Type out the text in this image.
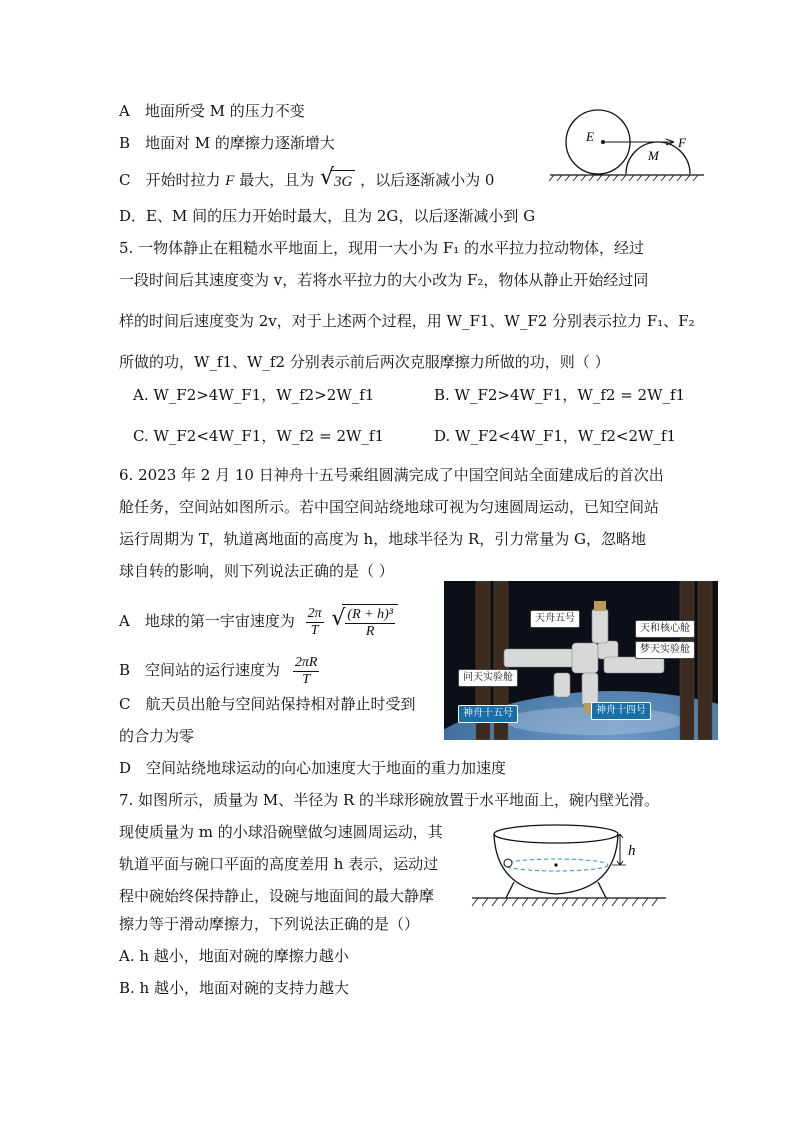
A　地面所受 M 的压力不变
B　地面对 M 的摩擦力逐渐增大
C　开始时拉力 F 最大，且为 √ 3G ，以后逐渐减小为 0
D．E、M 间的压力开始时最大，且为 2G，以后逐渐减小到 G
E
M
F
5. 一物体静止在粗糙水平地面上，现用一大小为 F₁ 的水平拉力拉动物体，经过
一段时间后其速度变为 v，若将水平拉力的大小改为 F₂，物体从静止开始经过同
样的时间后速度变为 2v，对于上述两个过程，用 W_F1、W_F2 分别表示拉力 F₁、F₂
所做的功，W_f1、W_f2 分别表示前后两次克服摩擦力所做的功，则（ ）
A. W_F2>4W_F1，W_f2>2W_f1	B. W_F2>4W_F1，W_f2 = 2W_f1
C. W_F2<4W_F1，W_f2 = 2W_f1	D. W_F2<4W_F1，W_f2<2W_f1
6. 2023 年 2 月 10 日神舟十五号乘组圆满完成了中国空间站全面建成后的首次出
舱任务，空间站如图所示。若中国空间站绕地球可视为匀速圆周运动，已知空间站
运行周期为 T，轨道离地面的高度为 h，地球半径为 R，引力常量为 G，忽略地
球自转的影响，则下列说法正确的是（ ）
A　地球的第一宇宙速度为 $\frac{2\pi}{T}$
√ $\frac{\text{(R + h)³}}{R}$
B　空间站的运行速度为 $\frac{2\pi R}{T}$
C　航天员出舱与空间站保持相对静止时受到
的合力为零
D　空间站绕地球运动的向心加速度大于地面的重力加速度
天舟五号
天和核心舱
梦天实验舱
问天实验舱
神舟十五号	神舟十四号
7. 如图所示，质量为 M、半径为 R 的半球形碗放置于水平地面上，碗内壁光滑。
现使质量为 m 的小球沿碗壁做匀速圆周运动，其
轨道平面与碗口平面的高度差用 h 表示，运动过
程中碗始终保持静止，设碗与地面间的最大静摩
擦力等于滑动摩擦力，下列说法正确的是（）
A. h 越小，地面对碗的摩擦力越小
B. h 越小，地面对碗的支持力越大
h
